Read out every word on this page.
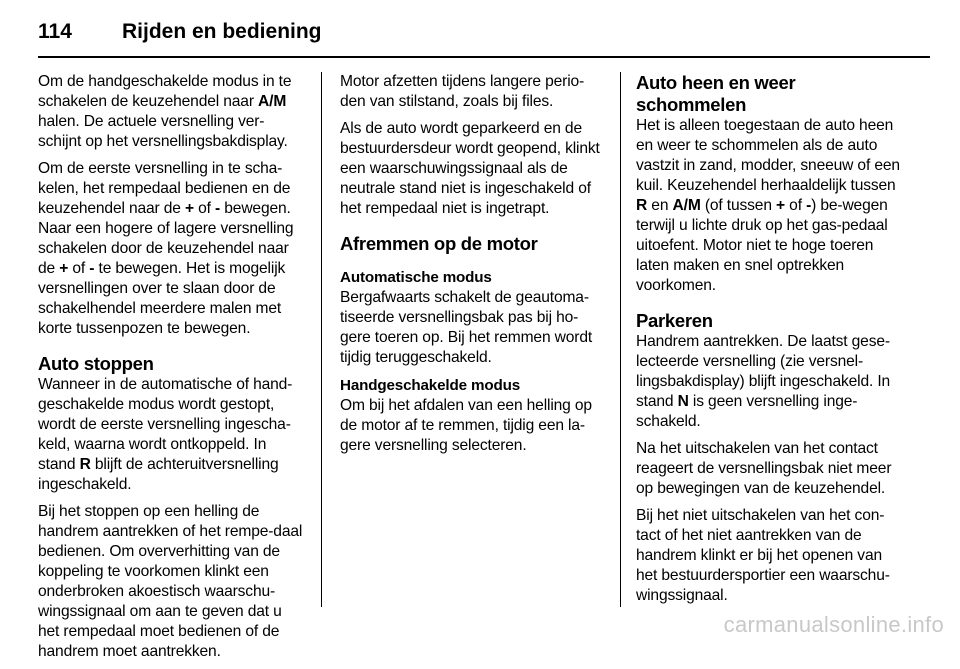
114 Rijden en bediening

Om de handgeschakelde modus in te schakelen de keuzehendel naar A/M halen. De actuele versnelling ver-schijnt op het versnellingsbakdisplay.

Om de eerste versnelling in te scha-kelen, het rempedaal bedienen en de keuzehendel naar de + of - bewegen. Naar een hogere of lagere versnelling schakelen door de keuzehendel naar de + of - te bewegen. Het is mogelijk versnellingen over te slaan door de schakelhendel meerdere malen met korte tussenpozen te bewegen.

Auto stoppen

Wanneer in de automatische of hand-geschakelde modus wordt gestopt, wordt de eerste versnelling ingescha-keld, waarna wordt ontkoppeld. In stand R blijft de achteruitversnelling ingeschakeld.

Bij het stoppen op een helling de handrem aantrekken of het rempe-daal bedienen. Om oververhitting van de koppeling te voorkomen klinkt een onderbroken akoestisch waarschu-wingssignaal om aan te geven dat u het rempedaal moet bedienen of de handrem moet aantrekken.

Motor afzetten tijdens langere perio-den van stilstand, zoals bij files.

Als de auto wordt geparkeerd en de bestuurdersdeur wordt geopend, klinkt een waarschuwingssignaal als de neutrale stand niet is ingeschakeld of het rempedaal niet is ingetrapt.

Afremmen op de motor
Automatische modus

Bergafwaarts schakelt de geautoma-tiseerde versnellingsbak pas bij ho-gere toeren op. Bij het remmen wordt tijdig teruggeschakeld.

Handgeschakelde modus

Om bij het afdalen van een helling op de motor af te remmen, tijdig een la-gere versnelling selecteren.

Auto heen en weer schommelen

Het is alleen toegestaan de auto heen en weer te schommelen als de auto vastzit in zand, modder, sneeuw of een kuil. Keuzehendel herhaaldelijk tussen R en A/M (of tussen + of -) be-wegen terwijl u lichte druk op het gas-pedaal uitoefent. Motor niet te hoge toeren laten maken en snel optrekken voorkomen.

Parkeren

Handrem aantrekken. De laatst gese-lecteerde versnelling (zie versnel-lingsbakdisplay) blijft ingeschakeld. In stand N is geen versnelling inge-schakeld.

Na het uitschakelen van het contact reageert de versnellingsbak niet meer op bewegingen van de keuzehendel.

Bij het niet uitschakelen van het con-tact of het niet aantrekken van de handrem klinkt er bij het openen van het bestuurdersportier een waarschu-wingssignaal.

carmanualsonline.info
